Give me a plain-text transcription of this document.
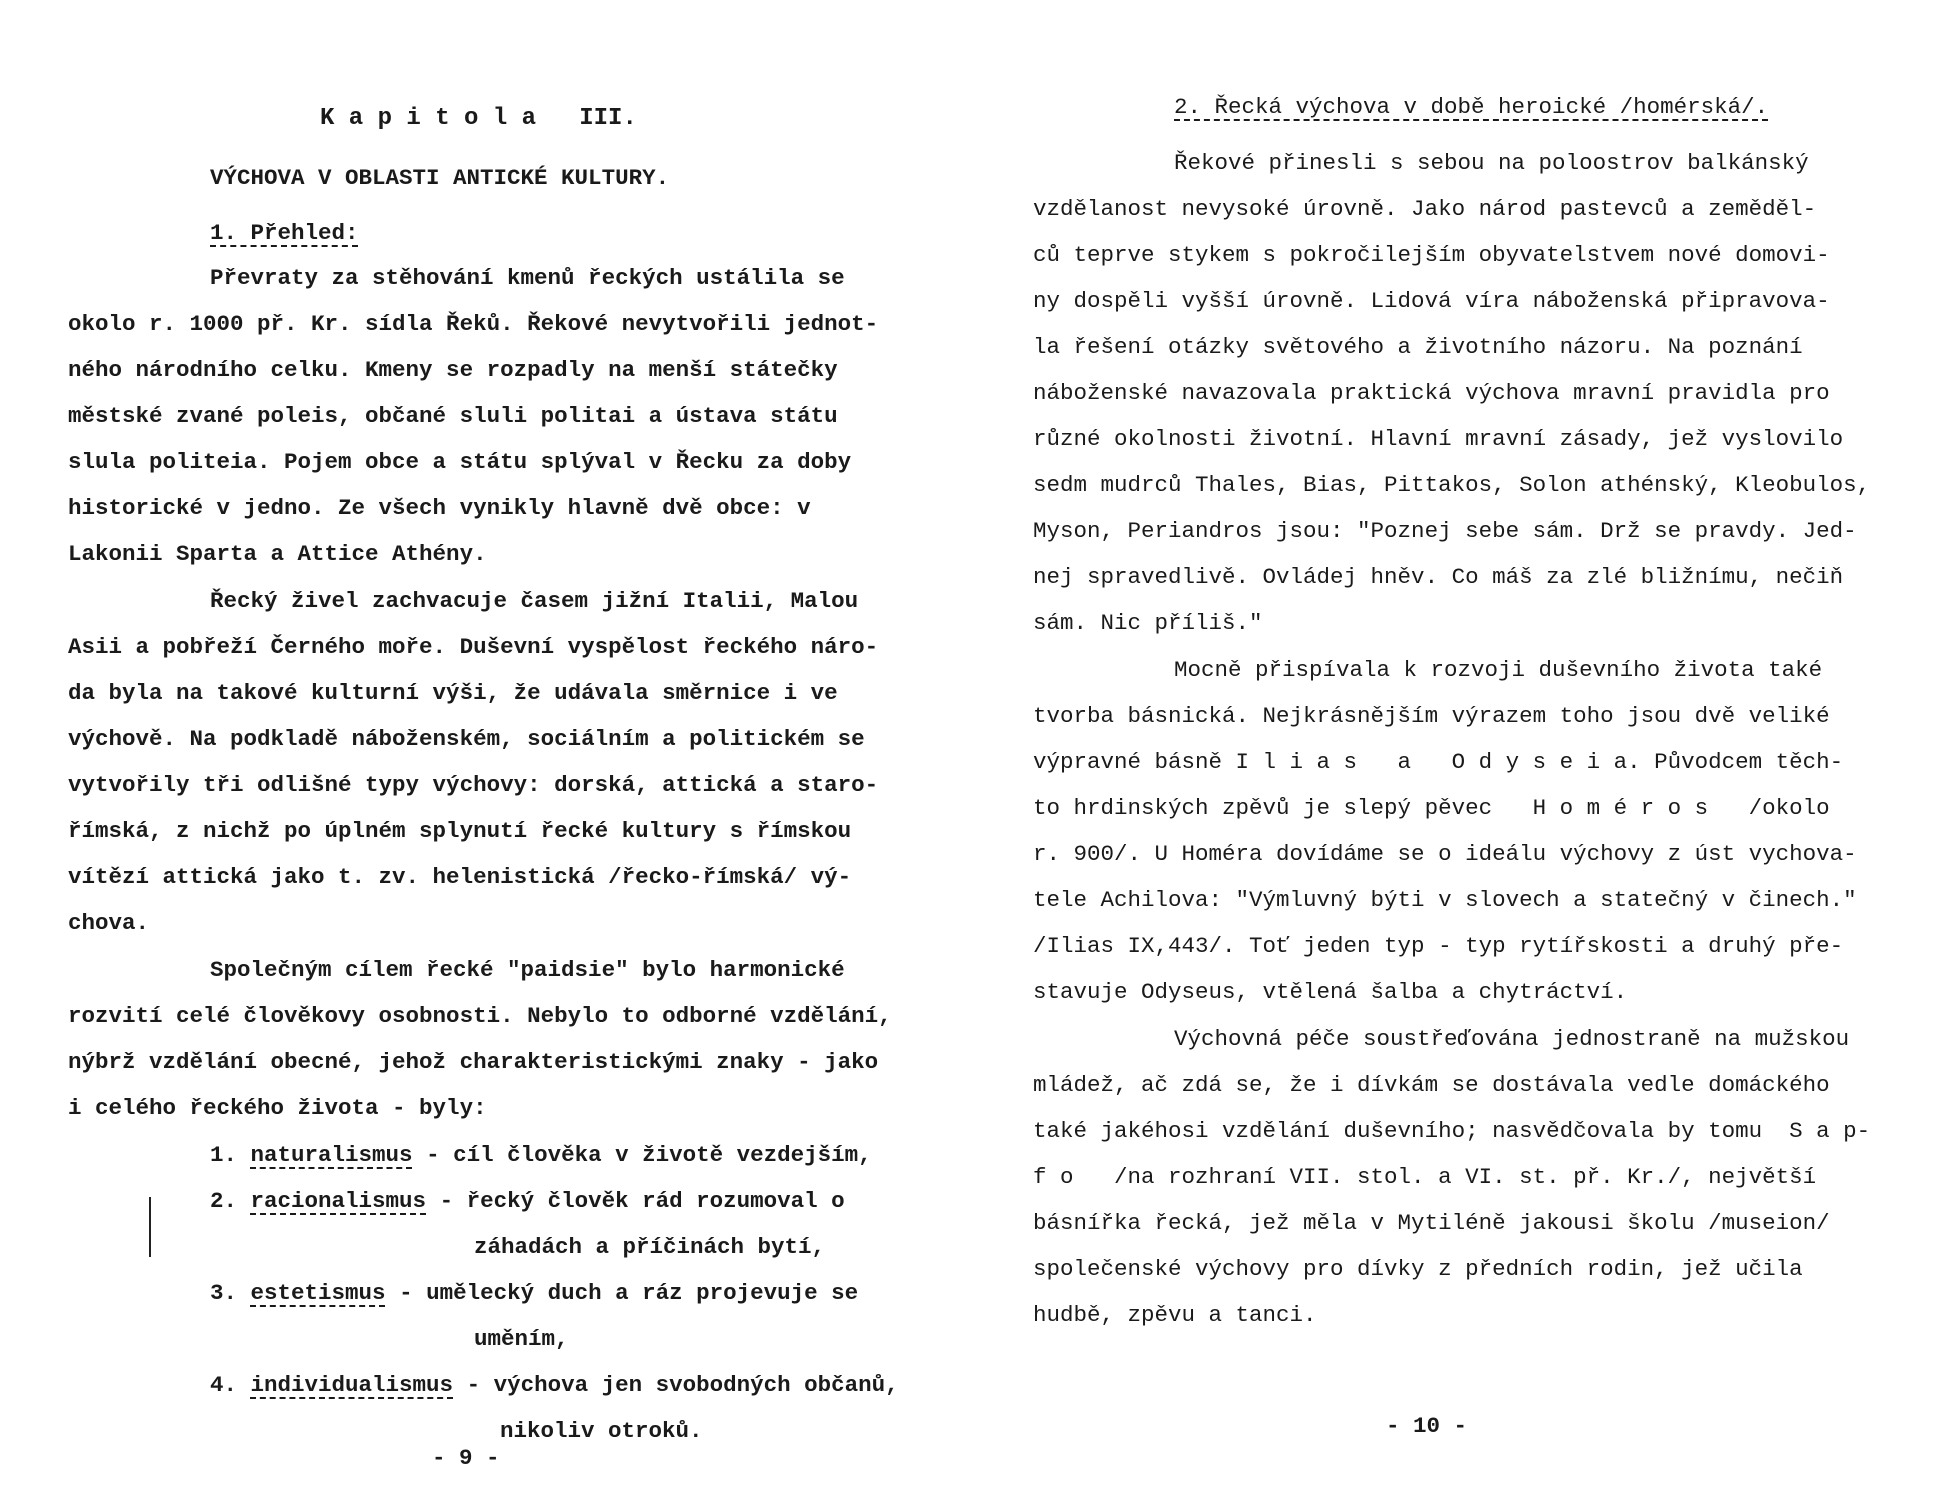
K a p i t o l a   III.
VÝCHOVA V OBLASTI ANTICKÉ KULTURY.
1. Přehled:
Převraty za stěhování kmenů řeckých ustálila se
okolo r. 1000 př. Kr. sídla Řeků. Řekové nevytvořili jednot-
ného národního celku. Kmeny se rozpadly na menší státečky
městské zvané poleis, občané sluli politai a ústava státu
slula politeia. Pojem obce a státu splýval v Řecku za doby
historické v jedno. Ze všech vynikly hlavně dvě obce: v
Lakonii Sparta a Attice Athény.
Řecký živel zachvacuje časem jižní Italii, Malou
Asii a pobřeží Černého moře. Duševní vyspělost řeckého náro-
da byla na takové kulturní výši, že udávala směrnice i ve
výchově. Na podkladě náboženském, sociálním a politickém se
vytvořily tři odlišné typy výchovy: dorská, attická a staro-
římská, z nichž po úplném splynutí řecké kultury s římskou
vítězí attická jako t. zv. helenistická /řecko-římská/ vý-
chova.
Společným cílem řecké "paidsie" bylo harmonické
rozvití celé člověkovy osobnosti. Nebylo to odborné vzdělání,
nýbrž vzdělání obecné, jehož charakteristickými znaky - jako
i celého řeckého života - byly:
1. naturalismus - cíl člověka v životě vezdejším,
2. racionalismus - řecký člověk rád rozumoval o
záhadách a příčinách bytí,
3. estetismus - umělecký duch a ráz projevuje se
uměním,
4. individualismus - výchova jen svobodných občanů,
nikoliv otroků.
- 9 -
2. Řecká výchova v době heroické /homérská/.
Řekové přinesli s sebou na poloostrov balkánský
vzdělanost nevysoké úrovně. Jako národ pastevců a zeměděl-
ců teprve stykem s pokročilejším obyvatelstvem nové domovi-
ny dospěli vyšší úrovně. Lidová víra náboženská připravova-
la řešení otázky světového a životního názoru. Na poznání
náboženské navazovala praktická výchova mravní pravidla pro
různé okolnosti životní. Hlavní mravní zásady, jež vyslovilo
sedm mudrců Thales, Bias, Pittakos, Solon athénský, Kleobulos,
Myson, Periandros jsou: "Poznej sebe sám. Drž se pravdy. Jed-
nej spravedlivě. Ovládej hněv. Co máš za zlé bližnímu, nečiň
sám. Nic příliš."
Mocně přispívala k rozvoji duševního života také
tvorba básnická. Nejkrásnějším výrazem toho jsou dvě veliké
výpravné básně I l i a s   a   O d y s e i a. Původcem těch-
to hrdinských zpěvů je slepý pěvec   H o m é r o s   /okolo
r. 900/. U Homéra dovídáme se o ideálu výchovy z úst vychova-
tele Achilova: "Výmluvný býti v slovech a statečný v činech."
/Ilias IX,443/. Toť jeden typ - typ rytířskosti a druhý pře-
stavuje Odyseus, vtělená šalba a chytráctví.
Výchovná péče soustřeďována jednostraně na mužskou
mládež, ač zdá se, že i dívkám se dostávala vedle domáckého
také jakéhosi vzdělání duševního; nasvědčovala by tomu  S a p-
f o   /na rozhraní VII. stol. a VI. st. př. Kr./, největší
básnířka řecká, jež měla v Mytiléně jakousi školu /museion/
společenské výchovy pro dívky z předních rodin, jež učila
hudbě, zpěvu a tanci.
- 10 -
